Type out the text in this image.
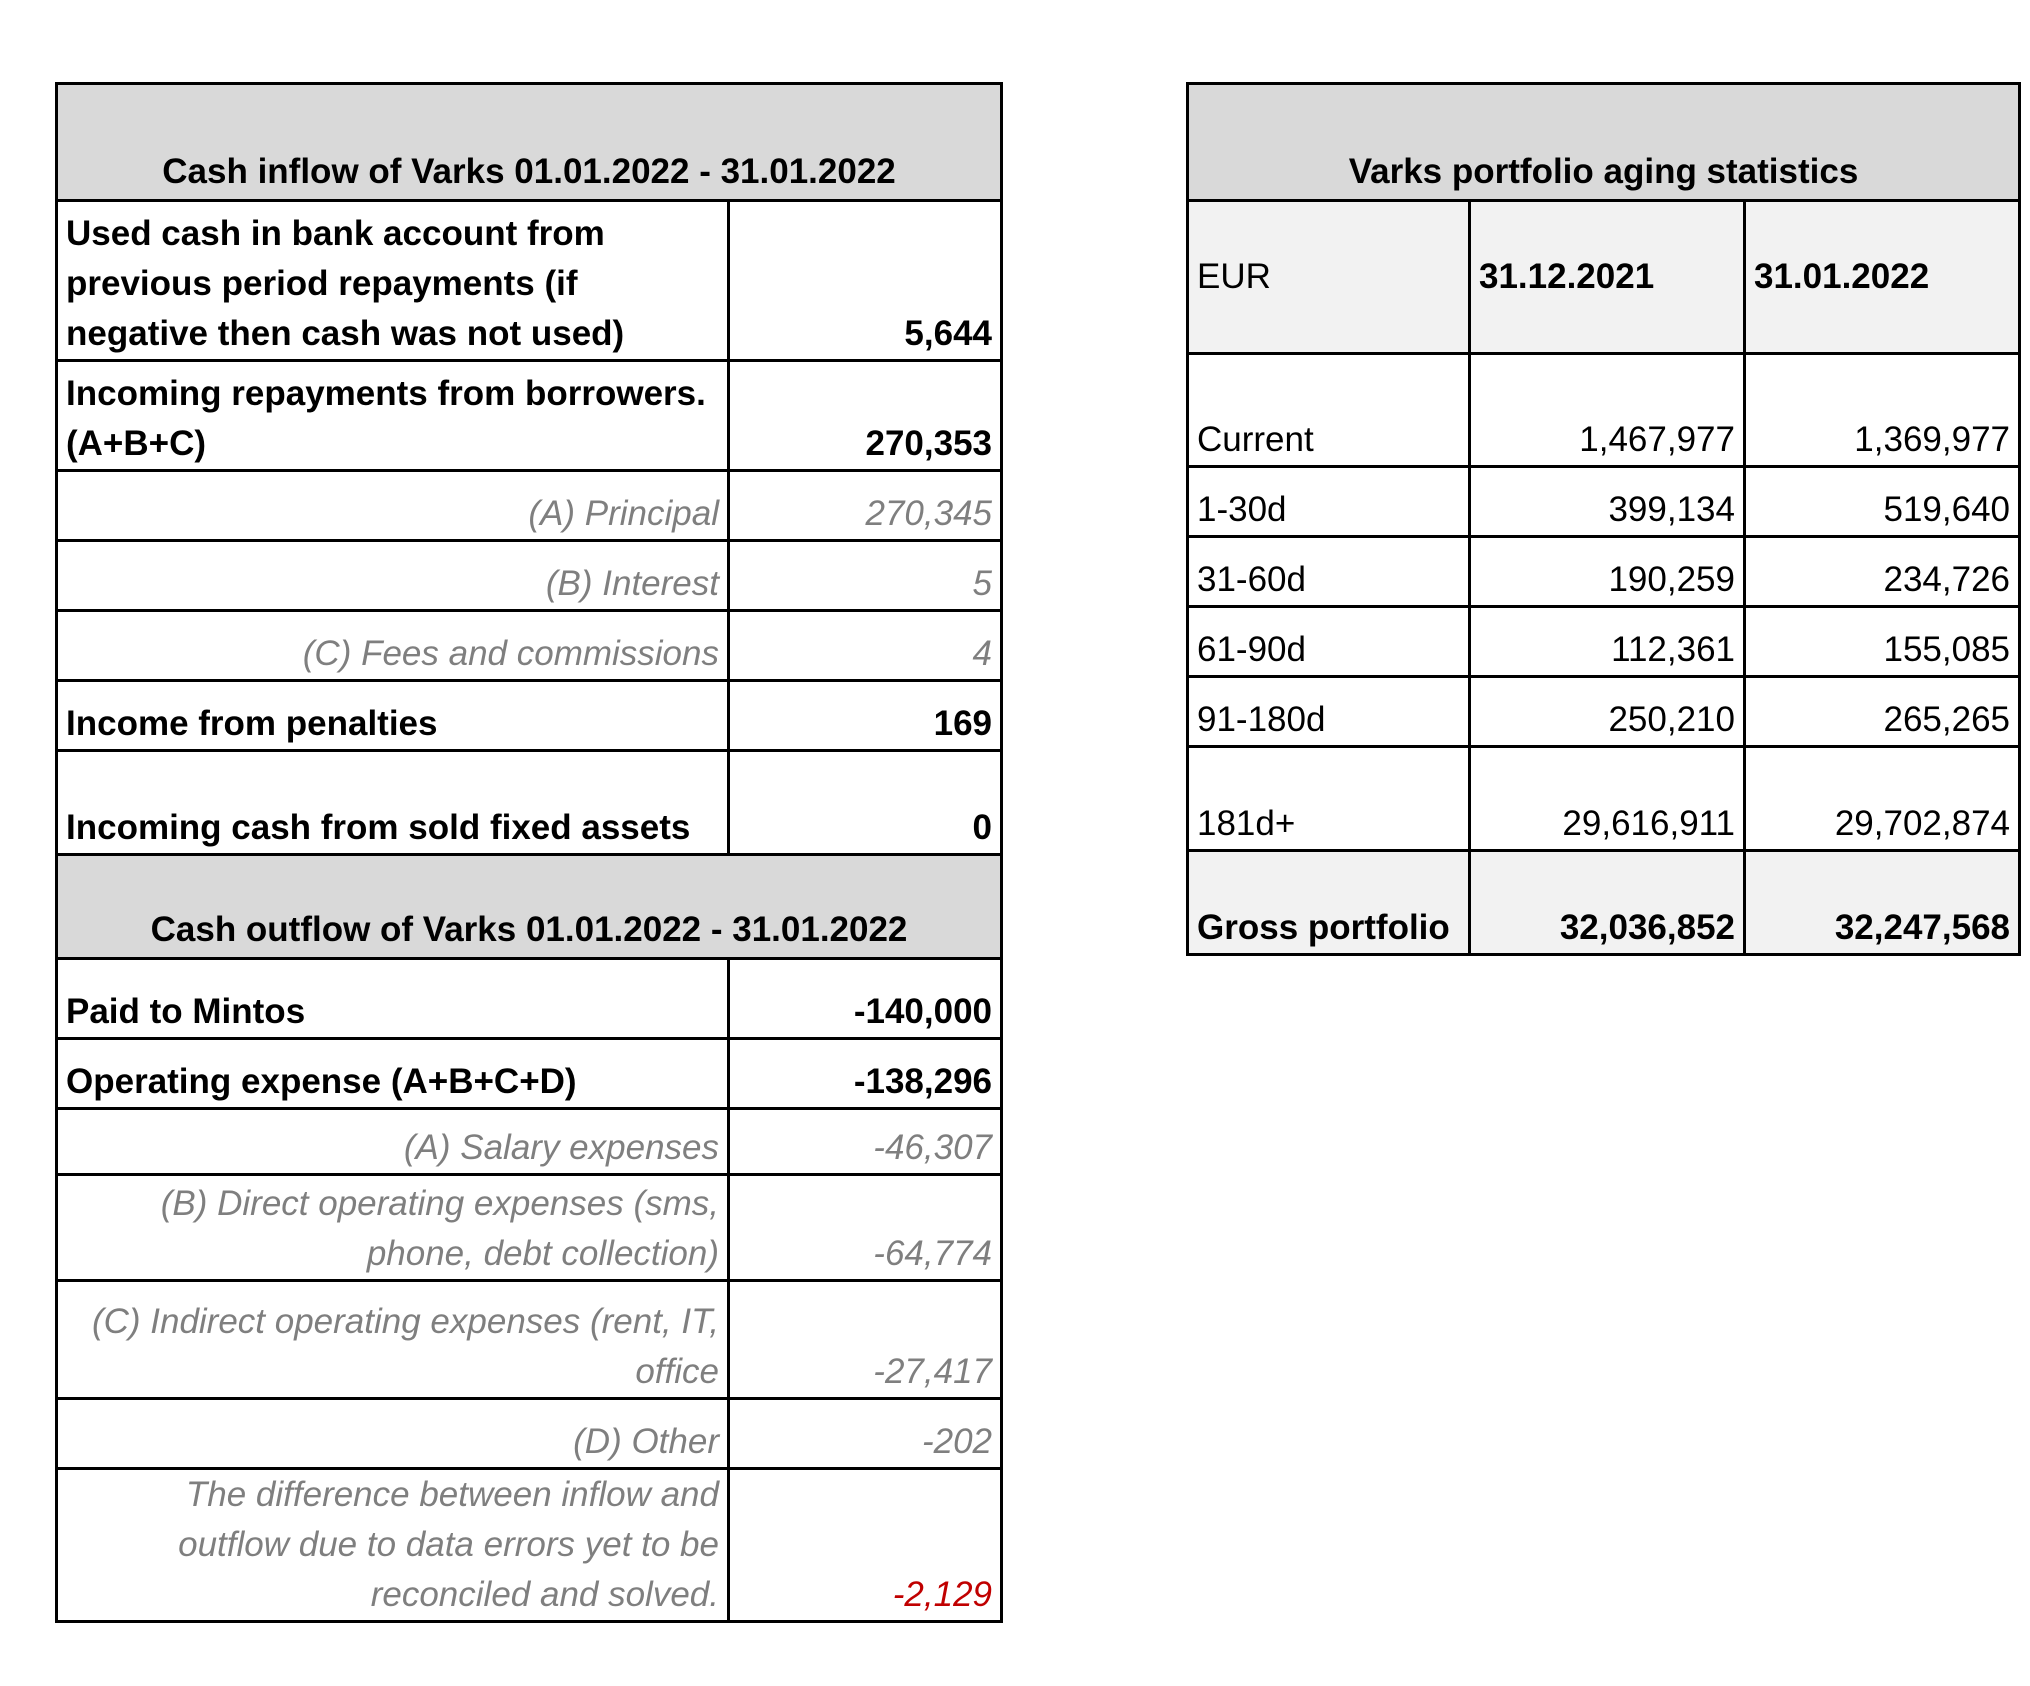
Cash inflow of Varks 01.01.2022 - 31.01.2022	
Used cash in bank account from previous period repayments (if negative then cash was not used)	5,644
Incoming repayments from borrowers. (A+B+C)	270,353
(A) Principal	270,345
(B) Interest	5
(C) Fees and commissions	4
Income from penalties	169
Incoming cash from sold fixed assets	0
Cash outflow of Varks 01.01.2022 - 31.01.2022	
Paid to Mintos	-140,000
Operating expense (A+B+C+D)	-138,296
(A) Salary expenses	-46,307
(B) Direct operating expenses (sms, phone, debt collection)	-64,774
(C) Indirect operating expenses (rent, IT, office	-27,417
(D) Other	-202
The difference between inflow and outflow due to data errors yet to be reconciled and solved.	-2,129
Varks portfolio aging statistics		
EUR	31.12.2021	31.01.2022
Current	1,467,977	1,369,977
1-30d	399,134	519,640
31-60d	190,259	234,726
61-90d	112,361	155,085
91-180d	250,210	265,265
181d+	29,616,911	29,702,874
Gross portfolio	32,036,852	32,247,568
